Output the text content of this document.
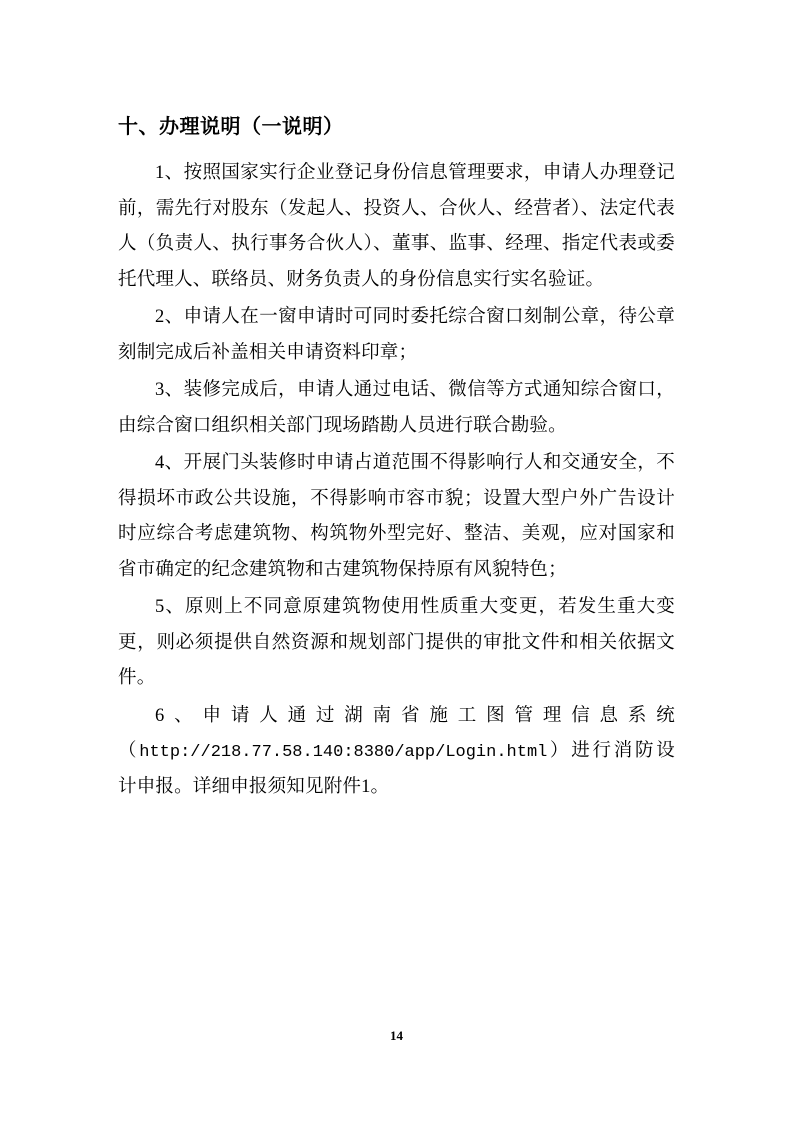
十、办理说明（一说明）

1、按照国家实行企业登记身份信息管理要求，申请人办理登记前，需先行对股东（发起人、投资人、合伙人、经营者）、法定代表人（负责人、执行事务合伙人）、董事、监事、经理、指定代表或委托代理人、联络员、财务负责人的身份信息实行实名验证。

2、申请人在一窗申请时可同时委托综合窗口刻制公章，待公章刻制完成后补盖相关申请资料印章；

3、装修完成后，申请人通过电话、微信等方式通知综合窗口，由综合窗口组织相关部门现场踏勘人员进行联合勘验。

4、开展门头装修时申请占道范围不得影响行人和交通安全，不得损坏市政公共设施，不得影响市容市貌；设置大型户外广告设计时应综合考虑建筑物、构筑物外型完好、整洁、美观，应对国家和省市确定的纪念建筑物和古建筑物保持原有风貌特色；

5、原则上不同意原建筑物使用性质重大变更，若发生重大变更，则必须提供自然资源和规划部门提供的审批文件和相关依据文件。

6、申请人通过湖南省施工图管理信息系统（http://218.77.58.140:8380/app/Login.html）进行消防设计申报。详细申报须知见附件1。

14
